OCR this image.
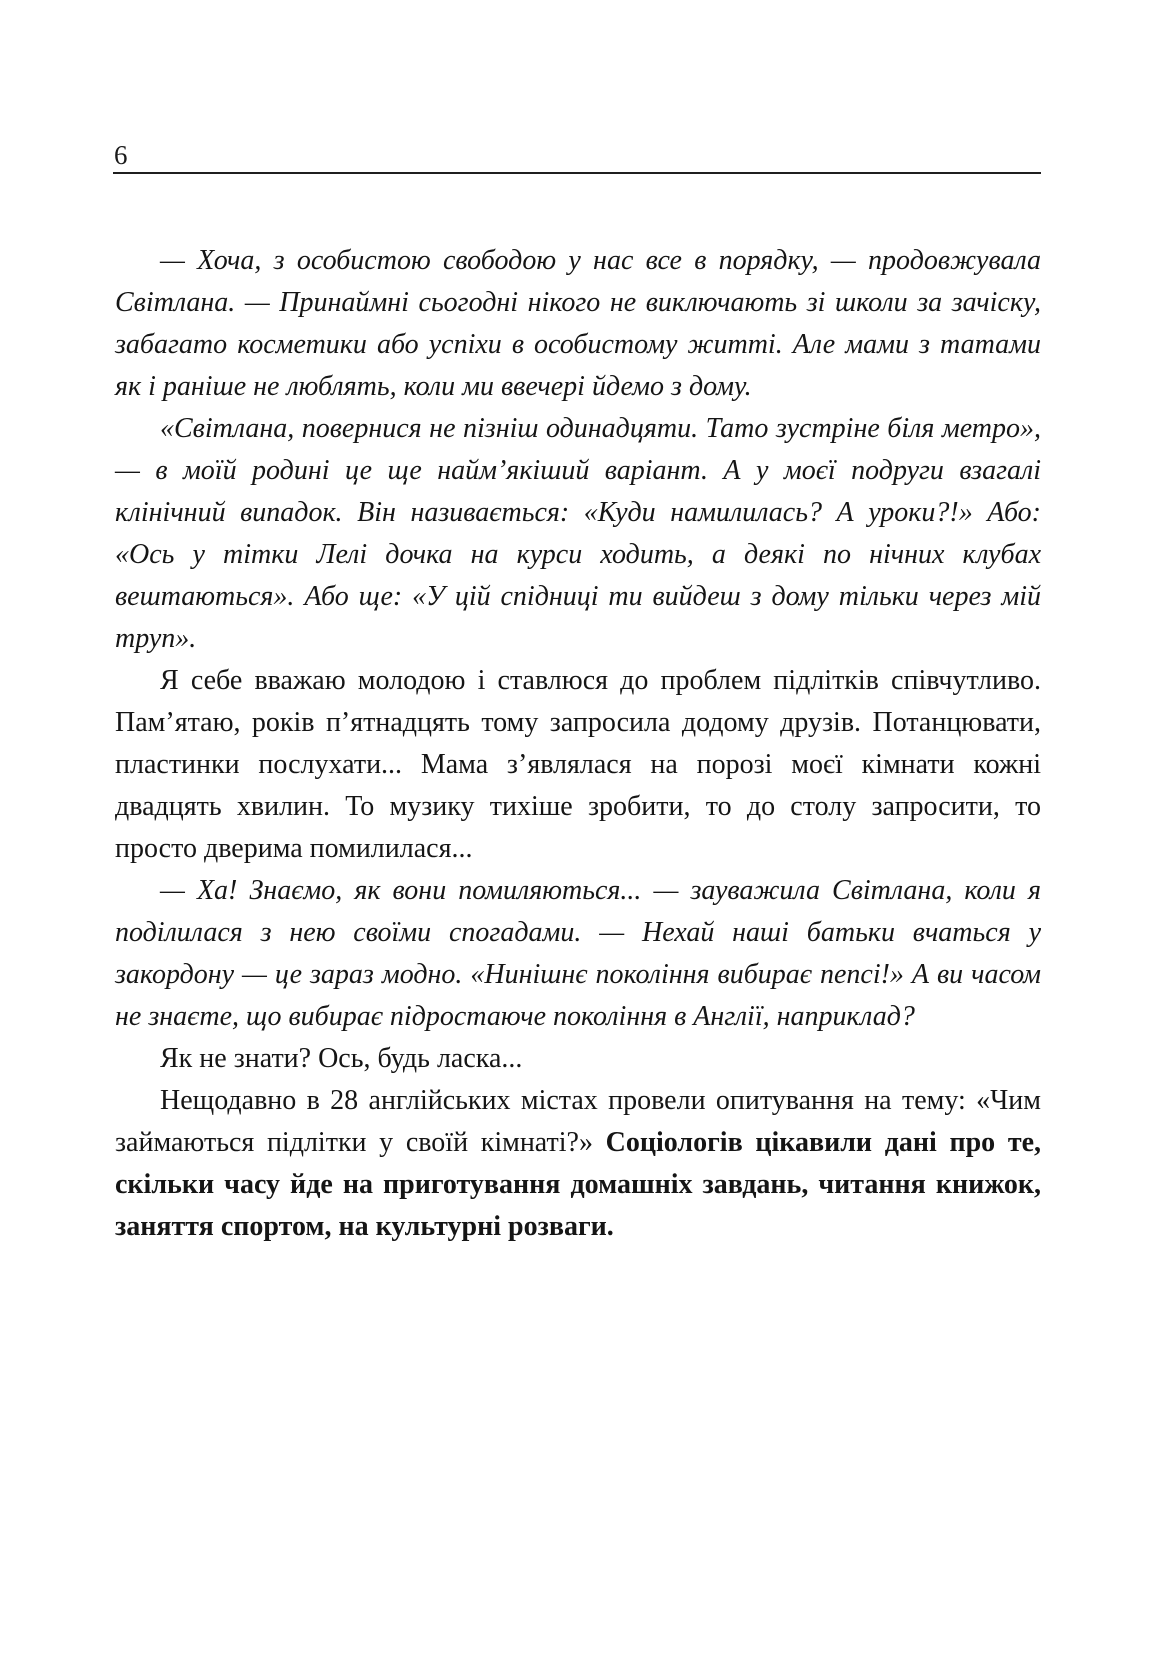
6

— Хоча, з особистою свободою у нас все в порядку, — продовжувала Світлана. — Принаймні сьогодні нікого не виключають зі школи за зачіску, забагато косметики або успіхи в особистому житті. Але мами з татами як і раніше не люблять, коли ми ввечері йдемо з дому.

«Світлана, повернися не пізніш одинадцяти. Тато зустріне біля метро», — в моїй родині це ще найм’якіший варіант. А у моєї подруги взагалі клінічний випадок. Він називається: «Куди намилилась? А уроки?!» Або: «Ось у тітки Лелі дочка на курси ходить, а деякі по нічних клубах вештаються». Або ще: «У цій спідниці ти вийдеш з дому тільки через мій труп».

Я себе вважаю молодою і ставлюся до проблем підлітків співчутливо. Пам’ятаю, років п’ятнадцять тому запросила додому друзів. Потанцювати, пластинки послухати... Мама з’являлася на порозі моєї кімнати кожні двадцять хвилин. То музику тихіше зробити, то до столу запросити, то просто дверима помилилася...

— Ха! Знаємо, як вони помиляються... — зауважила Світлана, коли я поділилася з нею своїми спогадами. — Нехай наші батьки вчаться у закордону — це зараз модно. «Нинішнє покоління вибирає пепсі!» А ви часом не знаєте, що вибирає підростаюче покоління в Англії, наприклад?

Як не знати? Ось, будь ласка...

Нещодавно в 28 англійських містах провели опитування на тему: «Чим займаються підлітки у своїй кімнаті?» Соціологів цікавили дані про те, скільки часу йде на приготування домашніх завдань, читання книжок, заняття спортом, на культурні розваги.
